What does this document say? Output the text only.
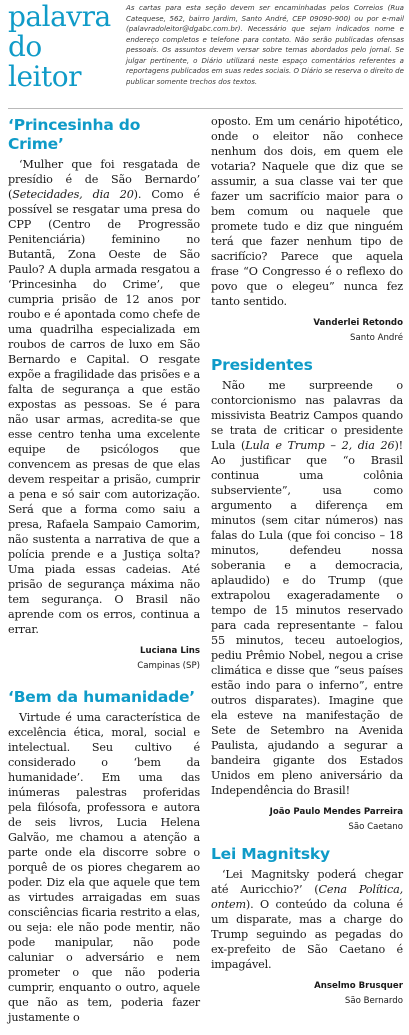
palavra
do leitor
As cartas para esta seção devem ser encaminhadas pelos Correios (Rua Catequese, 562, bairro Jardim, Santo André, CEP 09090-900) ou por e-mail (palavradoleitor@dgabc.com.br). Necessário que sejam indicados nome e endereço completos e telefone para contato. Não serão publicadas ofensas pessoais. Os assuntos devem versar sobre temas abordados pelo jornal. Se julgar pertinente, o Diário utilizará neste espaço comentários referentes a reportagens publicados em suas redes sociais. O Diário se reserva o direito de publicar somente trechos dos textos.
‘Princesinha do Crime’

‘Mulher que foi resgatada de presídio é de São Bernardo’ (Setecidades, dia 20). Como é possível se resgatar uma presa do CPP (Centro de Progressão Penitenciária) feminino no Butantã, Zona Oeste de São Paulo? A dupla armada resgatou a ‘Princesinha do Crime’, que cumpria prisão de 12 anos por roubo e é apontada como chefe de uma quadrilha especializada em roubos de carros de luxo em São Bernardo e Capital. O resgate expõe a fragilidade das prisões e a falta de segurança a que estão expostas as pessoas. Se é para não usar armas, acredita-se que esse centro tenha uma excelente equipe de psicólogos que convencem as presas de que elas devem respeitar a prisão, cumprir a pena e só sair com autorização. Será que a forma como saiu a presa, Rafaela Sampaio Camorim, não sustenta a narrativa de que a polícia prende e a Justiça solta? Uma piada essas cadeias. Até prisão de segurança máxima não tem segurança. O Brasil não aprende com os erros, continua a errar.

Luciana Lins
Campinas (SP)
‘Bem da humanidade’

Virtude é uma característica de excelência ética, moral, social e intelectual. Seu cultivo é considerado o ‘bem da humanidade’. Em uma das inúmeras palestras proferidas pela filósofa, professora e autora de seis livros, Lucia Helena Galvão, me chamou a atenção a parte onde ela discorre sobre o porquê de os piores chegarem ao poder. Diz ela que aquele que tem as virtudes arraigadas em suas consciências ficaria restrito a elas, ou seja: ele não pode mentir, não pode manipular, não pode caluniar o adversário e nem prometer o que não poderia cumprir, enquanto o outro, aquele que não as tem, poderia fazer justamente o

oposto. Em um cenário hipotético, onde o eleitor não conhece nenhum dos dois, em quem ele votaria? Naquele que diz que se assumir, a sua classe vai ter que fazer um sacrifício maior para o bem comum ou naquele que promete tudo e diz que ninguém terá que fazer nenhum tipo de sacrifício? Parece que aquela frase “O Congresso é o reflexo do povo que o elegeu” nunca fez tanto sentido.

Vanderlei Retondo
Santo André
Presidentes

Não me surpreende o contorcionismo nas palavras da missivista Beatriz Campos quando se trata de criticar o presidente Lula (Lula e Trump – 2, dia 26)! Ao justificar que “o Brasil continua uma colônia subserviente”, usa como argumento a diferença em minutos (sem citar números) nas falas do Lula (que foi conciso – 18 minutos, defendeu nossa soberania e a democracia, aplaudido) e do Trump (que extrapolou exageradamente o tempo de 15 minutos reservado para cada representante – falou 55 minutos, teceu autoelogios, pediu Prêmio Nobel, negou a crise climática e disse que “seus países estão indo para o inferno”, entre outros disparates). Imagine que ela esteve na manifestação de Sete de Setembro na Avenida Paulista, ajudando a segurar a bandeira gigante dos Estados Unidos em pleno aniversário da Independência do Brasil!

João Paulo Mendes Parreira
São Caetano
Lei Magnitsky

‘Lei Magnitsky poderá chegar até Auricchio?’ (Cena Política, ontem). O conteúdo da coluna é um disparate, mas a charge do Trump seguindo as pegadas do ex-prefeito de São Caetano é impagável.

Anselmo Brusquer
São Bernardo
